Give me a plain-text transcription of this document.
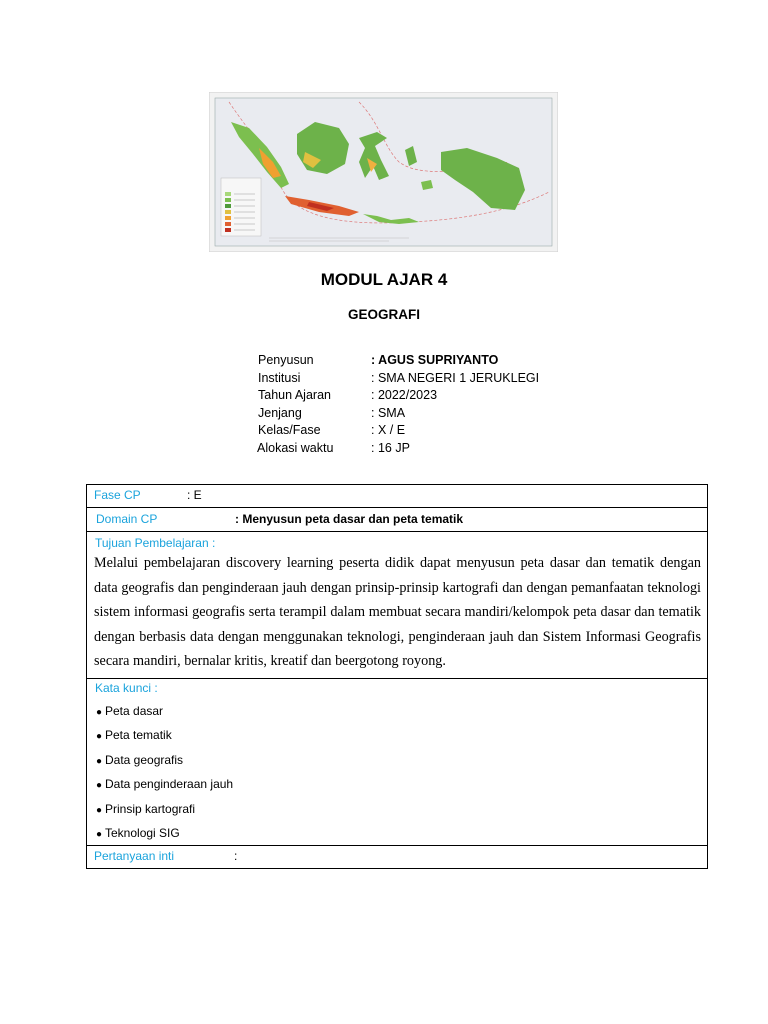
MODUL AJAR 4
GEOGRAFI
Penyusun	: AGUS SUPRIYANTO
Institusi	: SMA NEGERI 1 JERUKLEGI
Tahun Ajaran	: 2022/2023
Jenjang	: SMA
Kelas/Fase	: X / E
Alokasi waktu	: 16 JP
Fase CP	: E
Domain CP	: Menyusun peta dasar dan peta tematik
Tujuan Pembelajaran :
Melalui pembelajaran discovery learning peserta didik dapat menyusun peta dasar dan tematik dengan data geografis dan penginderaan jauh dengan prinsip-prinsip kartografi dan dengan pemanfaatan teknologi sistem informasi geografis serta terampil dalam membuat secara mandiri/kelompok peta dasar dan tematik dengan berbasis data dengan menggunakan teknologi, penginderaan jauh dan Sistem Informasi Geografis secara mandiri, bernalar kritis, kreatif dan beergotong royong.
Kata kunci :
● Peta dasar
● Peta tematik
● Data geografis
● Data penginderaan jauh
● Prinsip kartografi
● Teknologi SIG
Pertanyaan inti	:
